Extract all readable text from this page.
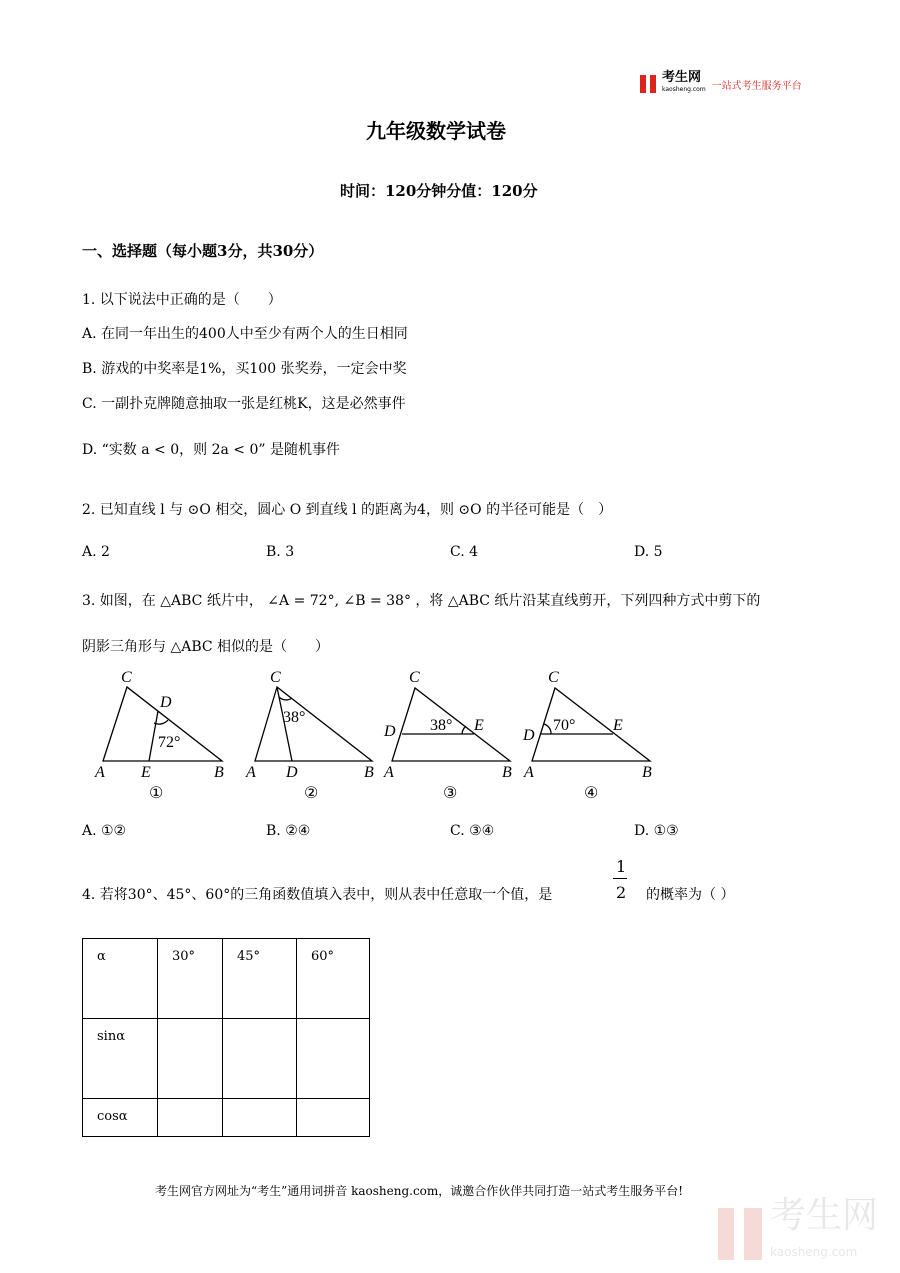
考生网
kaosheng.com 一站式考生服务平台
九年级数学试卷
时间：120分钟分值：120分
一、选择题（每小题3分，共30分）
1. 以下说法中正确的是（　　）
A. 在同一年出生的400人中至少有两个人的生日相同
B. 游戏的中奖率是1%，买100 张奖券，一定会中奖
C. 一副扑克牌随意抽取一张是红桃K，这是必然事件
D. “实数 a < 0，则 2a < 0” 是随机事件
2. 已知直线 l 与 ⊙O 相交，圆心 O 到直线 l 的距离为4，则 ⊙O 的半径可能是（　）
A. 2	B. 3	C. 4	D. 5
3. 如图，在 △ABC 纸片中， ∠A = 72°, ∠B = 38° ，将 △ABC 纸片沿某直线剪开，下列四种方式中剪下的
阴影三角形与 △ABC 相似的是（　　）
C
D
72°
A E	B
C
38°
A D	B
C
D 38° E
A	B
C
D
70° E
A	B
①	②	③	④
A. ①②	B. ②④	C. ③④	D. ①③
4. 若将30°、45°、60°的三角函数值填入表中，则从表中任意取一个值，是
1
2 的概率为（ ）
α	30°	45°	60°
sinα			
cosα			
考生网官方网址为“考生”通用词拼音 kaosheng.com，诚邀合作伙伴共同打造一站式考生服务平台!
考生网
kaosheng.com
